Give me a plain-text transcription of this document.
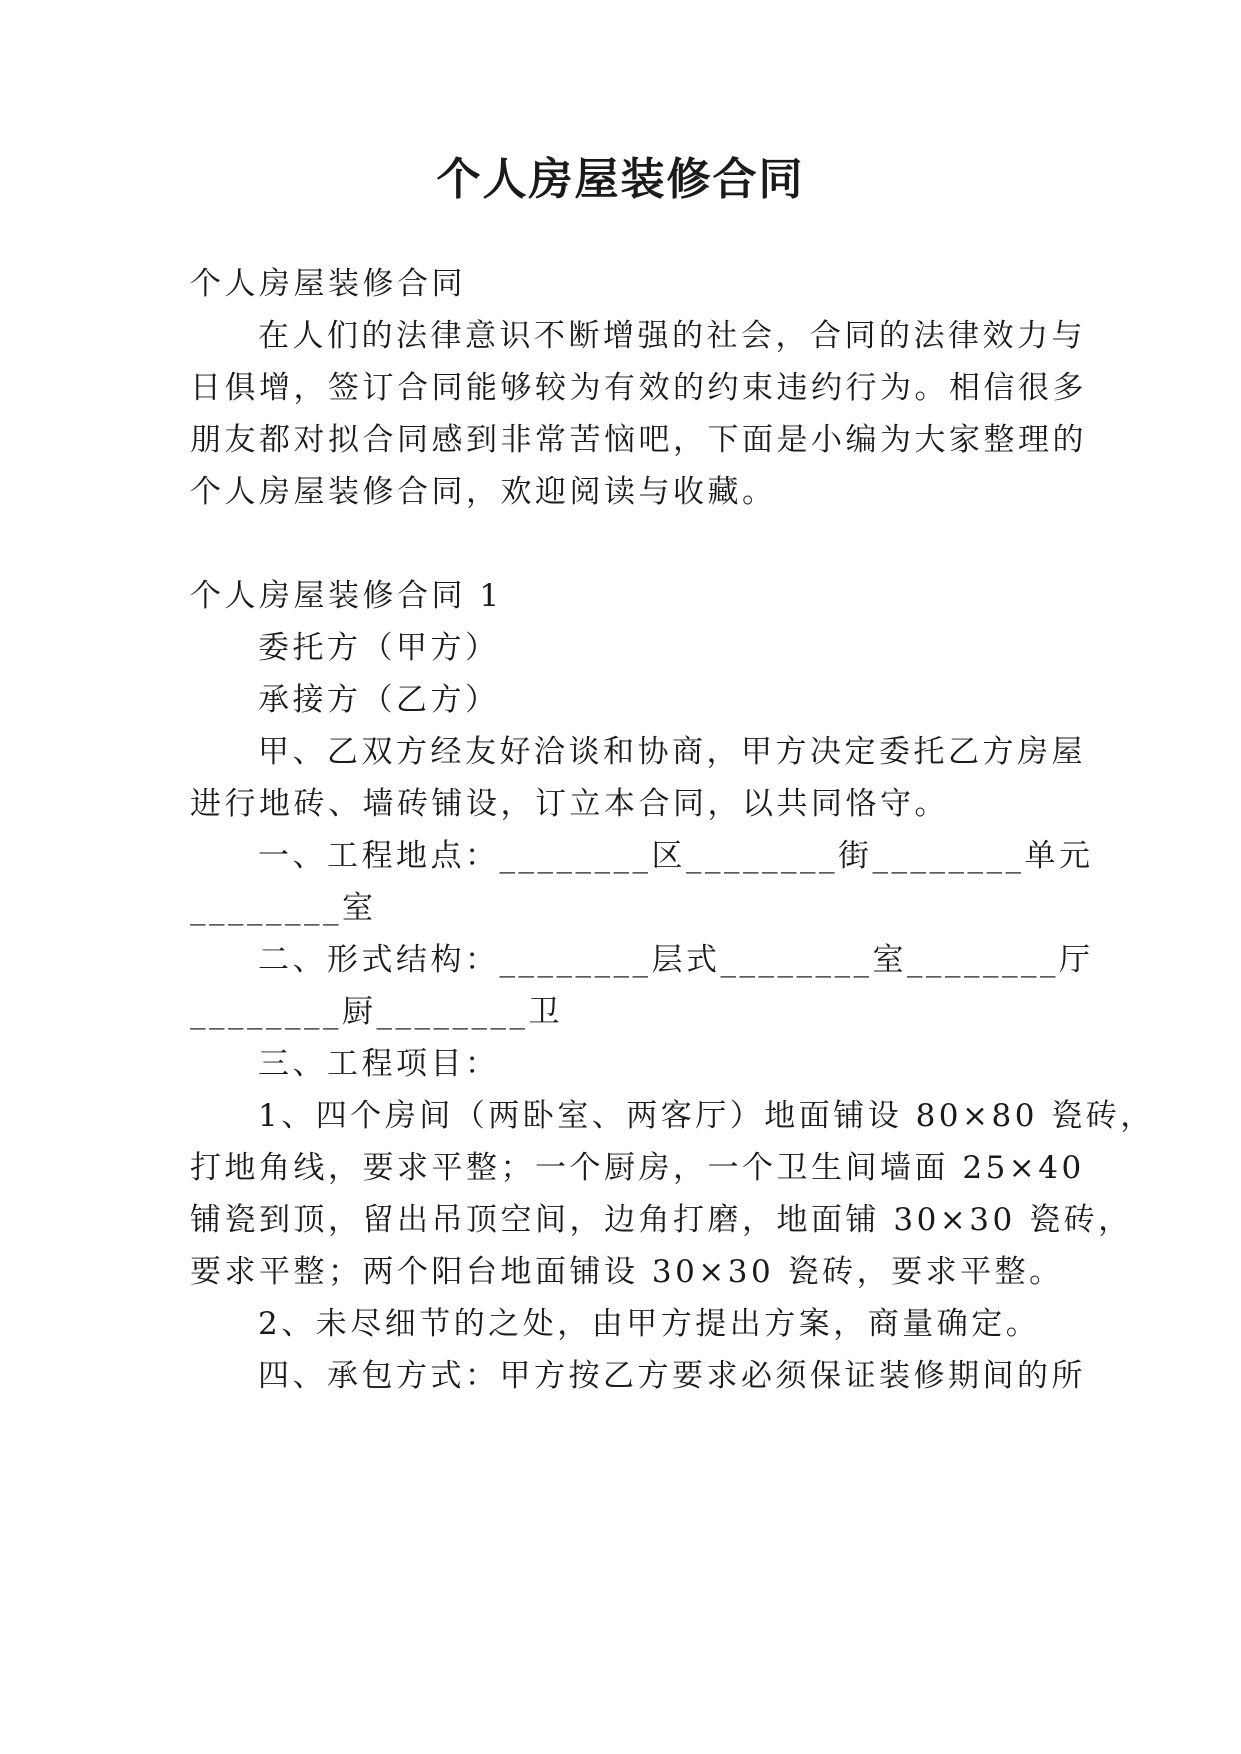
个人房屋装修合同
个人房屋装修合同
在人们的法律意识不断增强的社会，合同的法律效力与
日俱增，签订合同能够较为有效的约束违约行为。相信很多
朋友都对拟合同感到非常苦恼吧，下面是小编为大家整理的
个人房屋装修合同，欢迎阅读与收藏。
个人房屋装修合同 1
委托方（甲方）
承接方（乙方）
甲、乙双方经友好洽谈和协商，甲方决定委托乙方房屋
进行地砖、墙砖铺设，订立本合同，以共同恪守。
一、工程地点：________区________街________单元
________室
二、形式结构：________层式________室________厅
________厨________卫
三、工程项目：
1、四个房间（两卧室、两客厅）地面铺设 80×80 瓷砖，
打地角线，要求平整；一个厨房，一个卫生间墙面 25×40
铺瓷到顶，留出吊顶空间，边角打磨，地面铺 30×30 瓷砖，
要求平整；两个阳台地面铺设 30×30 瓷砖，要求平整。
2、未尽细节的之处，由甲方提出方案，商量确定。
四、承包方式：甲方按乙方要求必须保证装修期间的所
